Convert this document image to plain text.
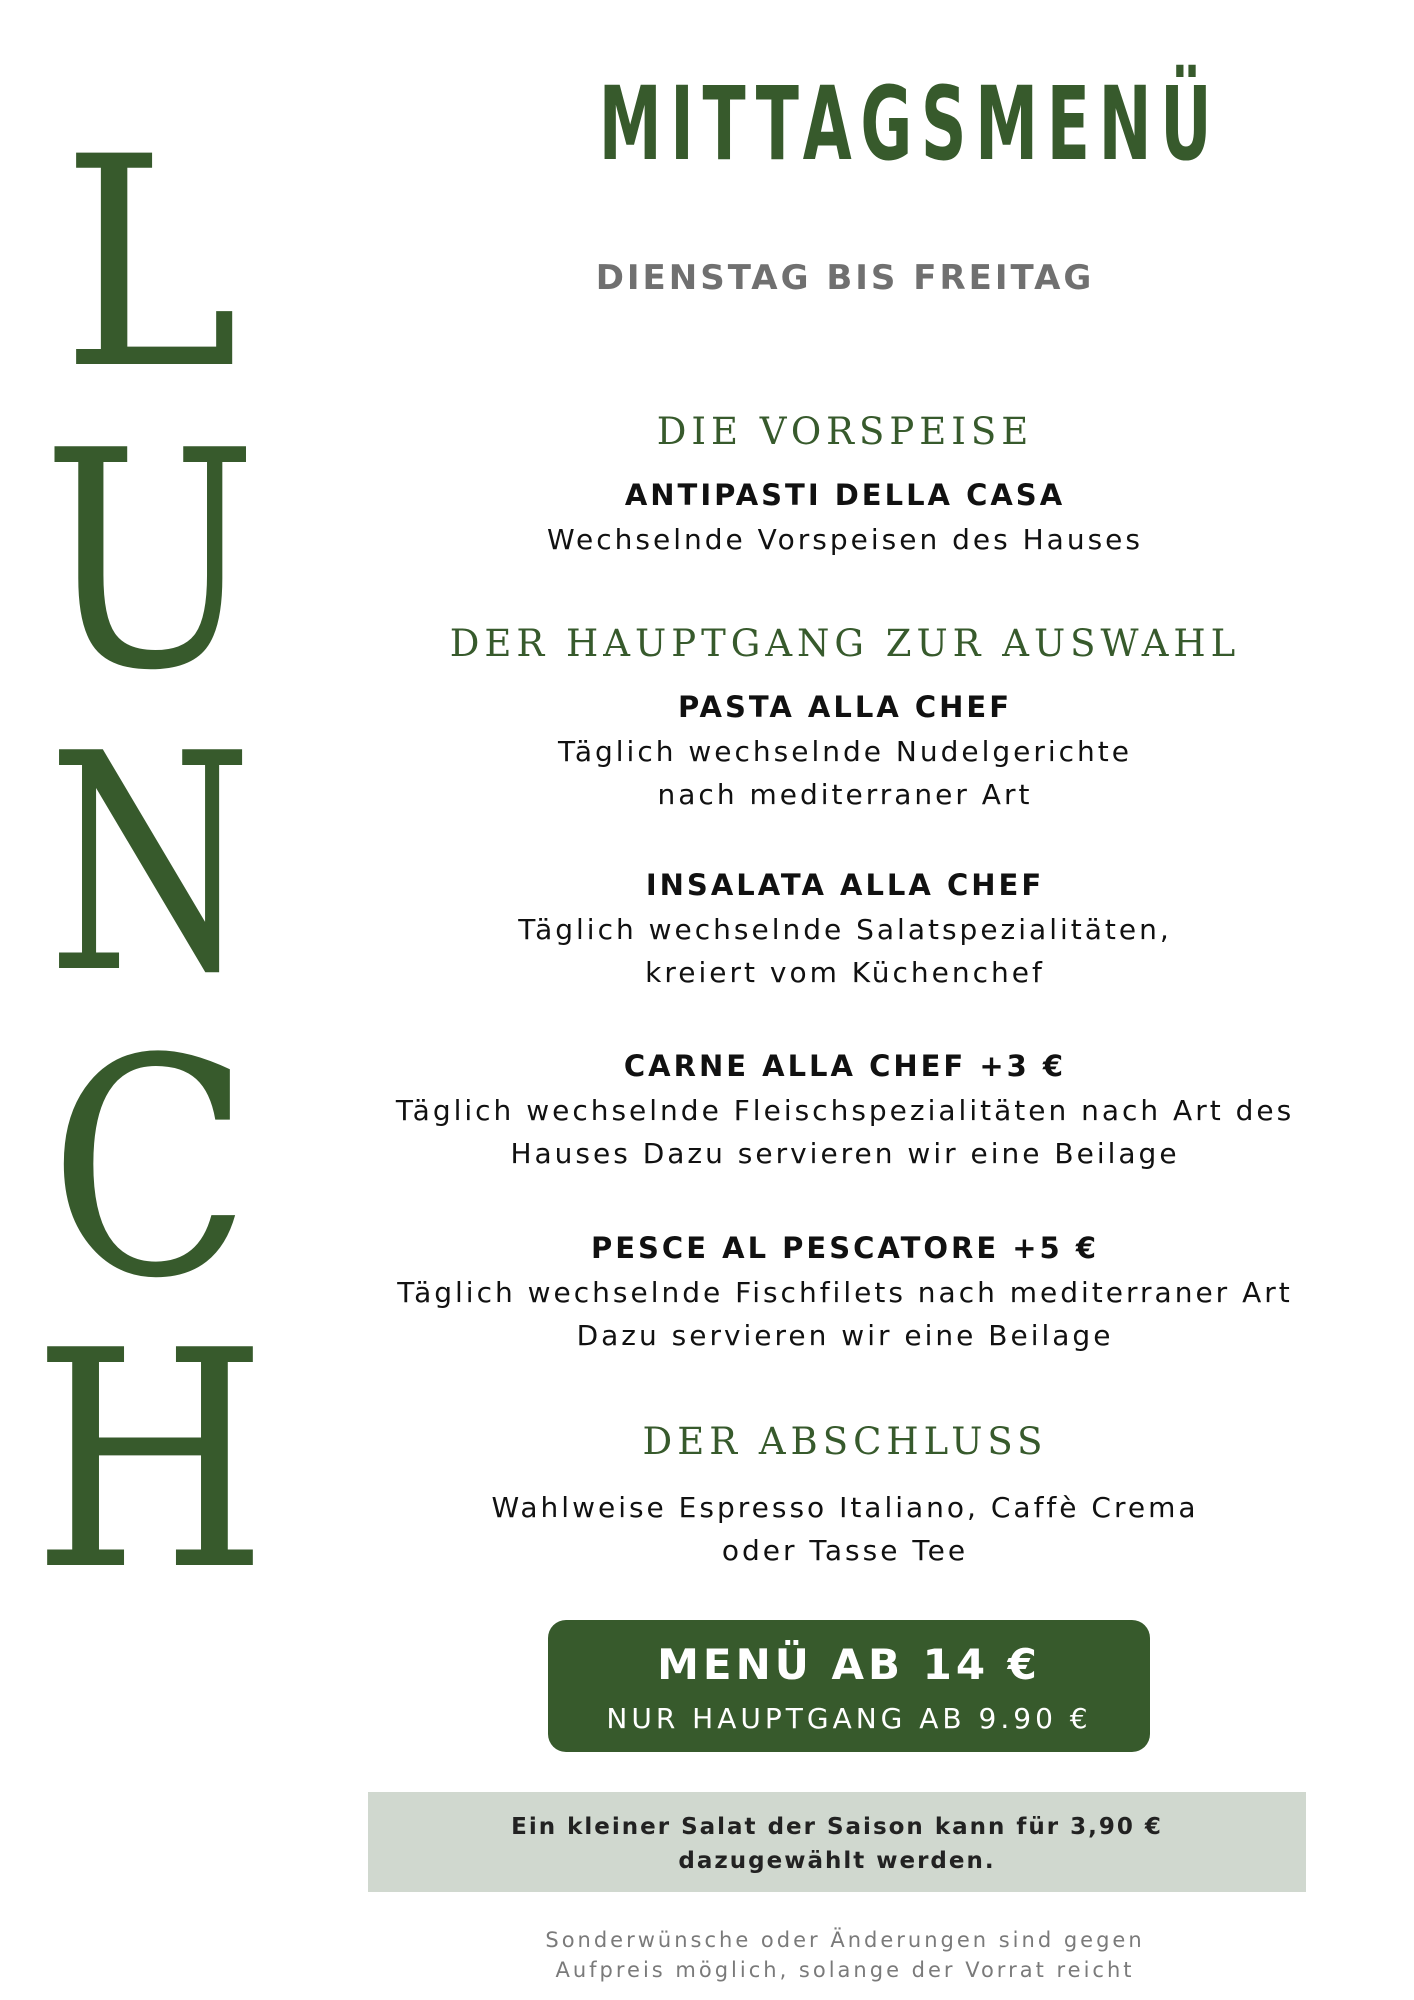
L
U
N
C
H
MITTAGSMENÜ
DIENSTAG BIS FREITAG
DIE VORSPEISE
ANTIPASTI DELLA CASA
Wechselnde Vorspeisen des Hauses
DER HAUPTGANG ZUR AUSWAHL
PASTA ALLA CHEF
Täglich wechselnde Nudelgerichte
nach mediterraner Art
INSALATA ALLA CHEF
Täglich wechselnde Salatspezialitäten,
kreiert vom Küchenchef
CARNE ALLA CHEF +3 €
Täglich wechselnde Fleischspezialitäten nach Art des
Hauses Dazu servieren wir eine Beilage
PESCE AL PESCATORE +5 €
Täglich wechselnde Fischfilets nach mediterraner Art
Dazu servieren wir eine Beilage
DER ABSCHLUSS
Wahlweise Espresso Italiano, Caffè Crema
oder Tasse Tee
MENÜ AB 14 €
NUR HAUPTGANG AB 9.90 €
Ein kleiner Salat der Saison kann für 3,90 €
dazugewählt werden.
Sonderwünsche oder Änderungen sind gegen
Aufpreis möglich, solange der Vorrat reicht
